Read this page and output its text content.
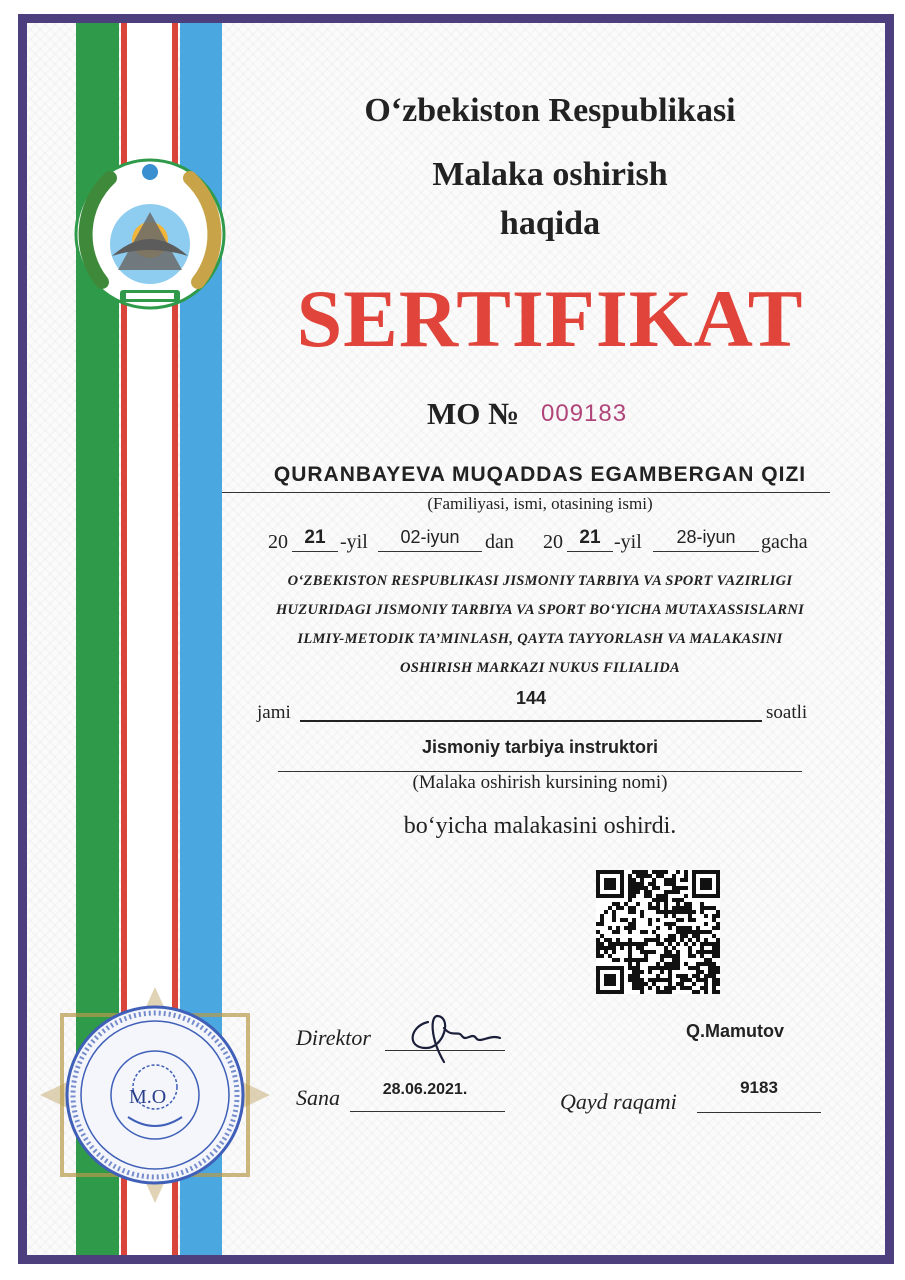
O‘zbekiston Respublikasi
Malaka oshirish
haqida
SERTIFIKAT
MO № 009183
QURANBAYEVA MUQADDAS EGAMBERGAN QIZI
(Familiyasi, ismi, otasining ismi)
20 21 -yil	02-iyun	dan 20 21 -yil	28-iyun	gacha
O‘ZBEKISTON RESPUBLIKASI JISMONIY TARBIYA VA SPORT VAZIRLIGI
HUZURIDAGI JISMONIY TARBIYA VA SPORT BO‘YICHA MUTAXASSISLARNI
ILMIY-METODIK TA’MINLASH, QAYTA TAYYORLASH VA MALAKASINI
OSHIRISH MARKAZI NUKUS FILIALIDA
jami
144
soatli
Jismoniy tarbiya instruktori
(Malaka oshirish kursining nomi)
bo‘yicha malakasini oshirdi.
Direktor	Q.Mamutov
Sana	28.06.2021.	Qayd raqami
9183
M.O
